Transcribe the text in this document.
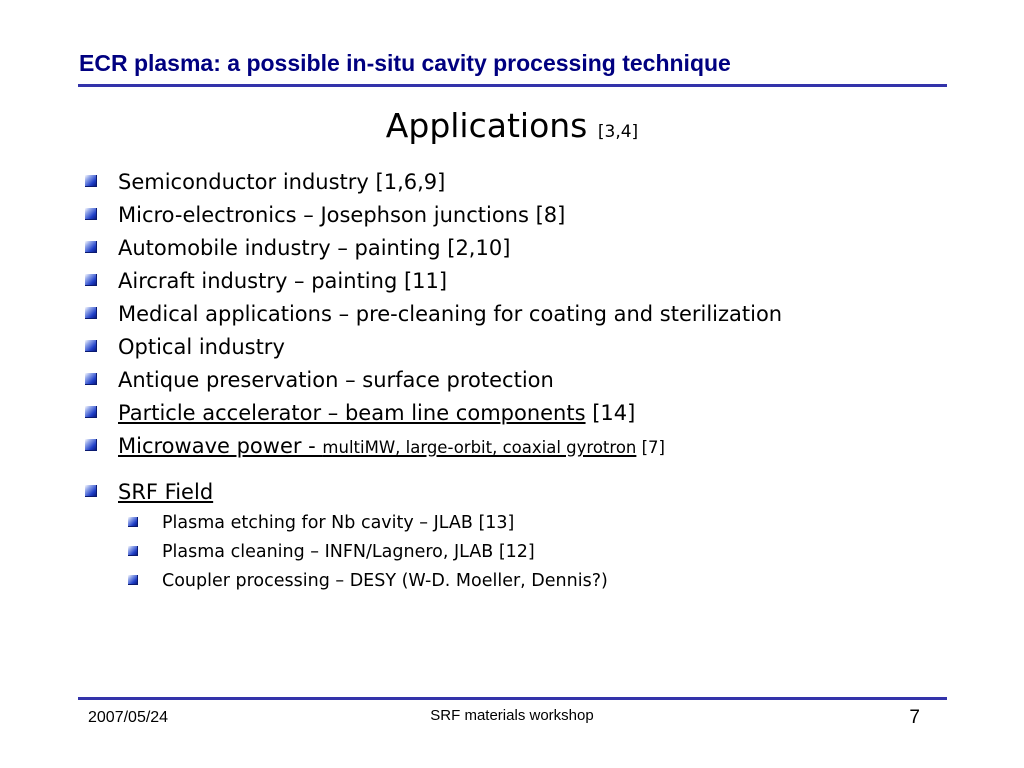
ECR plasma: a possible in-situ cavity processing technique
Applications [3,4]
Semiconductor industry [1,6,9]
Micro-electronics – Josephson junctions [8]
Automobile industry – painting [2,10]
Aircraft industry – painting [11]
Medical applications – pre-cleaning for coating and sterilization
Optical industry
Antique preservation – surface protection
Particle accelerator – beam line components [14]
Microwave power - multiMW, large-orbit, coaxial gyrotron [7]
SRF Field
Plasma etching for Nb cavity – JLAB [13]
Plasma cleaning – INFN/Lagnero, JLAB [12]
Coupler processing – DESY (W-D. Moeller, Dennis?)
2007/05/24	SRF materials workshop	7
